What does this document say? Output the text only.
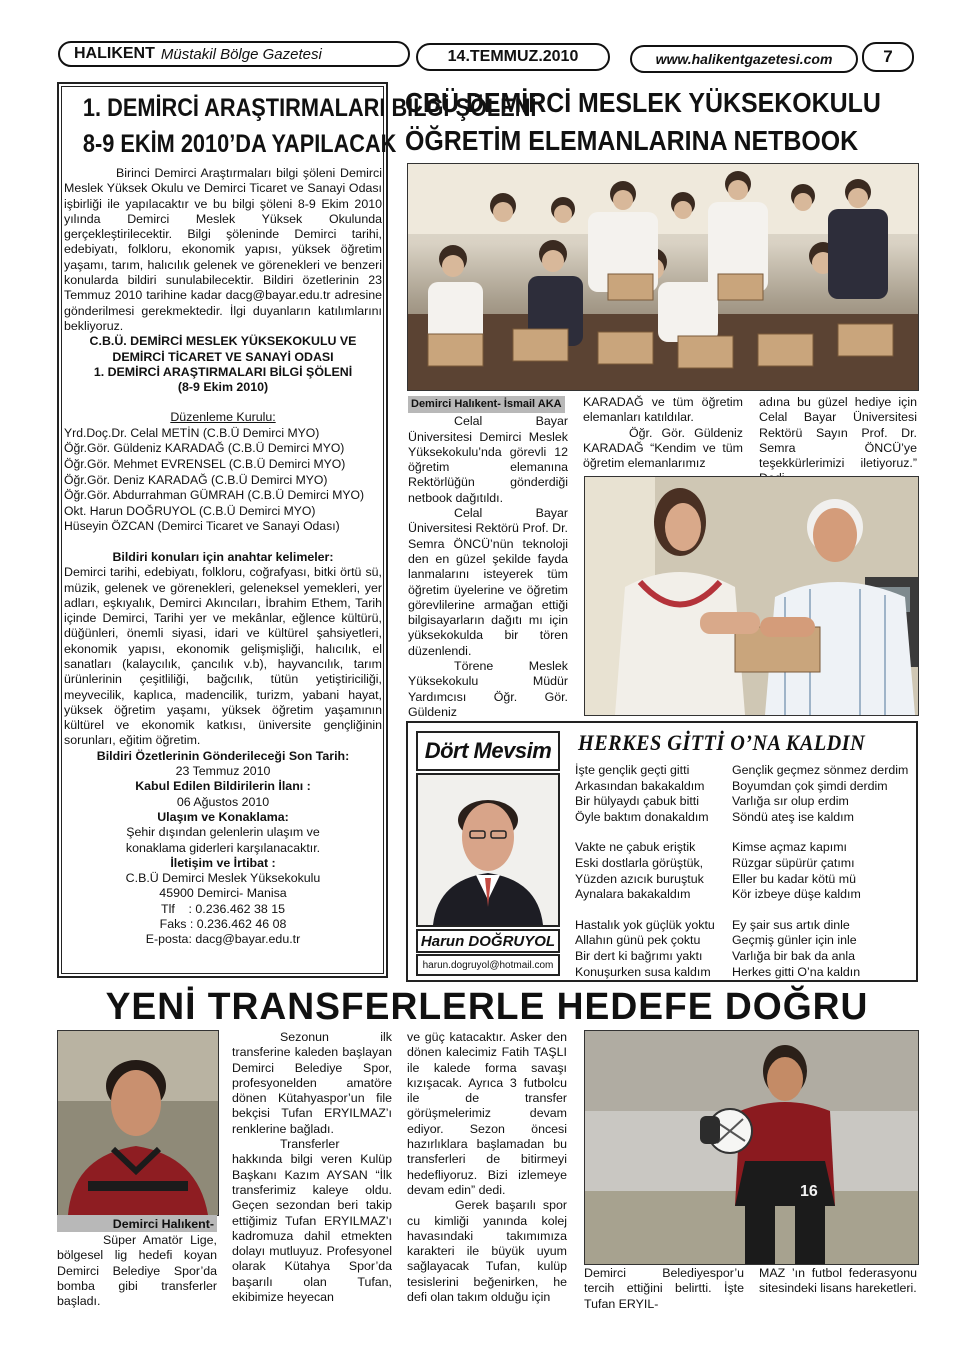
HALIKENT Müstakil Bölge Gazetesi	14.TEMMUZ.2010	www.halikentgazetesi.com	7
1. DEMİRCİ ARAŞTIRMALARI BİLGİ ŞÖLENİ
8-9 EKİM 2010’DA YAPILACAK

Birinci Demirci Araştırmaları bilgi şöleni Demirci Meslek Yüksek Okulu ve Demirci Ticaret ve Sanayi Odası işbirliği ile yapılacaktır ve bu bilgi şöleni 8-9 Ekim 2010 yılında Demirci Meslek Yüksek Okulunda gerçekleştirilecektir. Bilgi şöleninde Demirci tarihi, edebiyatı, folkloru, ekonomik yapısı, yüksek öğretim yaşamı, tarım, halıcılık gelenek ve görenekleri ve benzeri konularda bildiri sunulabilecektir. Bildiri özetlerinin 23 Temmuz 2010 tarihine kadar dacg@bayar.edu.tr adresine gönderilmesi gerekmektedir. İlgi duyanların katılımlarını bekliyoruz.

C.B.Ü. DEMİRCİ MESLEK YÜKSEKOKULU VE
DEMİRCİ TİCARET VE SANAYİ ODASI
1. DEMİRCİ ARAŞTIRMALARI BİLGİ ŞÖLENİ
(8-9 Ekim 2010)
Düzenleme Kurulu:
Yrd.Doç.Dr. Celal METİN (C.B.Ü Demirci MYO)
Öğr.Gör. Güldeniz KARADAĞ (C.B.Ü Demirci MYO)
Öğr.Gör. Mehmet EVRENSEL (C.B.Ü Demirci MYO)
Öğr.Gör. Deniz KARADAĞ (C.B.Ü Demirci MYO)
Öğr.Gör. Abdurrahman GÜMRAH (C.B.Ü Demirci MYO)
Okt. Harun DOĞRUYOL (C.B.Ü Demirci MYO)
Hüseyin ÖZCAN (Demirci Ticaret ve Sanayi Odası)
Bildiri konuları için anahtar kelimeler:
Demirci tarihi, edebiyatı, folkloru, coğrafyası, bitki örtü sü, müzik, gelenek ve görenekleri, geleneksel yemekleri, yer adları, eşkıyalık, Demirci Akıncıları, İbrahim Ethem, Tarih içinde Demirci, Tarihi yer ve mekânlar, eğlence kültürü, düğünleri, önemli siyasi, idari ve kültürel şahsiyetleri, ekonomik yapısı, ekonomik gelişmişliği, halıcılık, el sanatları (kalaycılık, çancılık v.b), hayvancılık, tarım ürünlerinin çeşitliliği, bağcılık, tütün yetiştiriciliği, meyvecilik, kaplıca, madencilik, turizm, yabani hayat, yüksek öğretim yaşamı, yüksek öğretim yaşamının kültürel ve ekonomik katkısı, üniversite gençliğinin sorunları, eğitim öğretim.
Bildiri Özetlerinin Gönderileceği Son Tarih:
23 Temmuz 2010
Kabul Edilen Bildirilerin İlanı :
06 Ağustos 2010
Ulaşım ve Konaklama:
Şehir dışından gelenlerin ulaşım ve
konaklama giderleri karşılanacaktır.
İletişim ve İrtibat :
C.B.Ü Demirci Meslek Yüksekokulu
45900 Demirci- Manisa
Tlf    : 0.236.462 38 15
Faks : 0.236.462 46 08
E-posta: dacg@bayar.edu.tr
CBÜ DEMİRCİ MESLEK YÜKSEKOKULU
ÖĞRETİM ELEMANLARINA NETBOOK
Demirci Halıkent- İsmail AKA

Celal Bayar Üniversitesi Demirci Meslek Yüksekokulu’nda görevli 12 öğretim elemanına Rektörlüğün gönderdiği netbook dağıtıldı.

Celal Bayar Üniversitesi Rektörü Prof. Dr. Semra ÖNCÜ’nün teknoloji den en güzel şekilde fayda lanmalarını isteyerek tüm öğretim üyelerine ve öğretim görevlilerine armağan ettiği bilgisayarların dağıtı mı için yüksekokulda bir tören düzenlendi.

Törene Meslek Yüksekokulu Müdür Yardımcısı Öğr. Gör. Güldeniz

KARADAĞ ve tüm öğretim elemanları katıldılar.

Öğr. Gör. Güldeniz KARADAĞ “Kendim ve tüm öğretim elemanlarımız

adına bu güzel hediye için Celal Bayar Üniversitesi Rektörü Sayın Prof. Dr. Semra ÖNCÜ’ye teşekkürlerimizi iletiyoruz.”

Dört Mevsim
Harun DOĞRUYOL
harun.dogruyol@hotmail.com
HERKES GİTTİ O’NA KALDIN
İşte gençlik geçti gitti
Arkasından bakakaldım
Bir hülyaydı çabuk bitti
Öyle baktım donakaldım
Vakte ne çabuk eriştik
Eski dostlarla görüştük,
Yüzden azıcık buruştuk
Aynalara bakakaldım
Hastalık yok güçlük yoktu
Allahın günü pek çoktu
Bir dert ki bağrımı yaktı
Konuşurken susa kaldım
Gençlik geçmez sönmez derdim
Boyumdan çok şimdi derdim
Varlığa sır olup erdim
Söndü ateş ise kaldım
Kimse açmaz kapımı
Rüzgar süpürür çatımı
Eller bu kadar kötü mü
Kör izbeye düşe kaldım
Ey şair sus artık dinle
Geçmiş günler için inle
Varlığa bir bak da anla
Herkes gitti O’na kaldın
YENİ TRANSFERLERLE HEDEFE DOĞRU
Demirci Halıkent-

Süper Amatör Lige, bölgesel lig hedefi koyan Demirci Belediye Spor’da bomba gibi transferler başladı.

Sezonun ilk transferine kaleden başlayan Demirci Belediye Spor, profesyonelden amatöre dönen Kütahyaspor’un file bekçisi Tufan ERYILMAZ’ı renklerine bağladı.

Transferler hakkında bilgi veren Kulüp Başkanı Kazım AYSAN “İlk transferimiz kaleye oldu. Geçen sezondan beri takip ettiğimiz Tufan ERYILMAZ’ı kadromuza dahil etmekten dolayı mutluyuz. Profesyonel olarak Kütahya Spor’da başarılı olan Tufan, ekibimize heyecan

ve güç katacaktır. Asker den dönen kalecimiz Fatih TAŞLI ile kalede forma savaşı kızışacak. Ayrıca 3 futbolcu ile de transfer görüşmelerimiz devam ediyor. Sezon öncesi hazırlıklara başlamadan bu transferleri de bitirmeyi hedefliyoruz. Bizi izlemeye devam edin” dedi.

Gerek başarılı spor cu kimliği yanında kolej havasındaki takımımıza karakteri ile büyük uyum sağlayacak Tufan, kulüp tesislerini beğenirken, he defi olan takım olduğu için

16

Demirci Belediyespor’u tercih ettiğini belirtti. İşte Tufan ERYIL-

MAZ ’ın futbol federasyonu sitesindeki lisans hareketleri.
